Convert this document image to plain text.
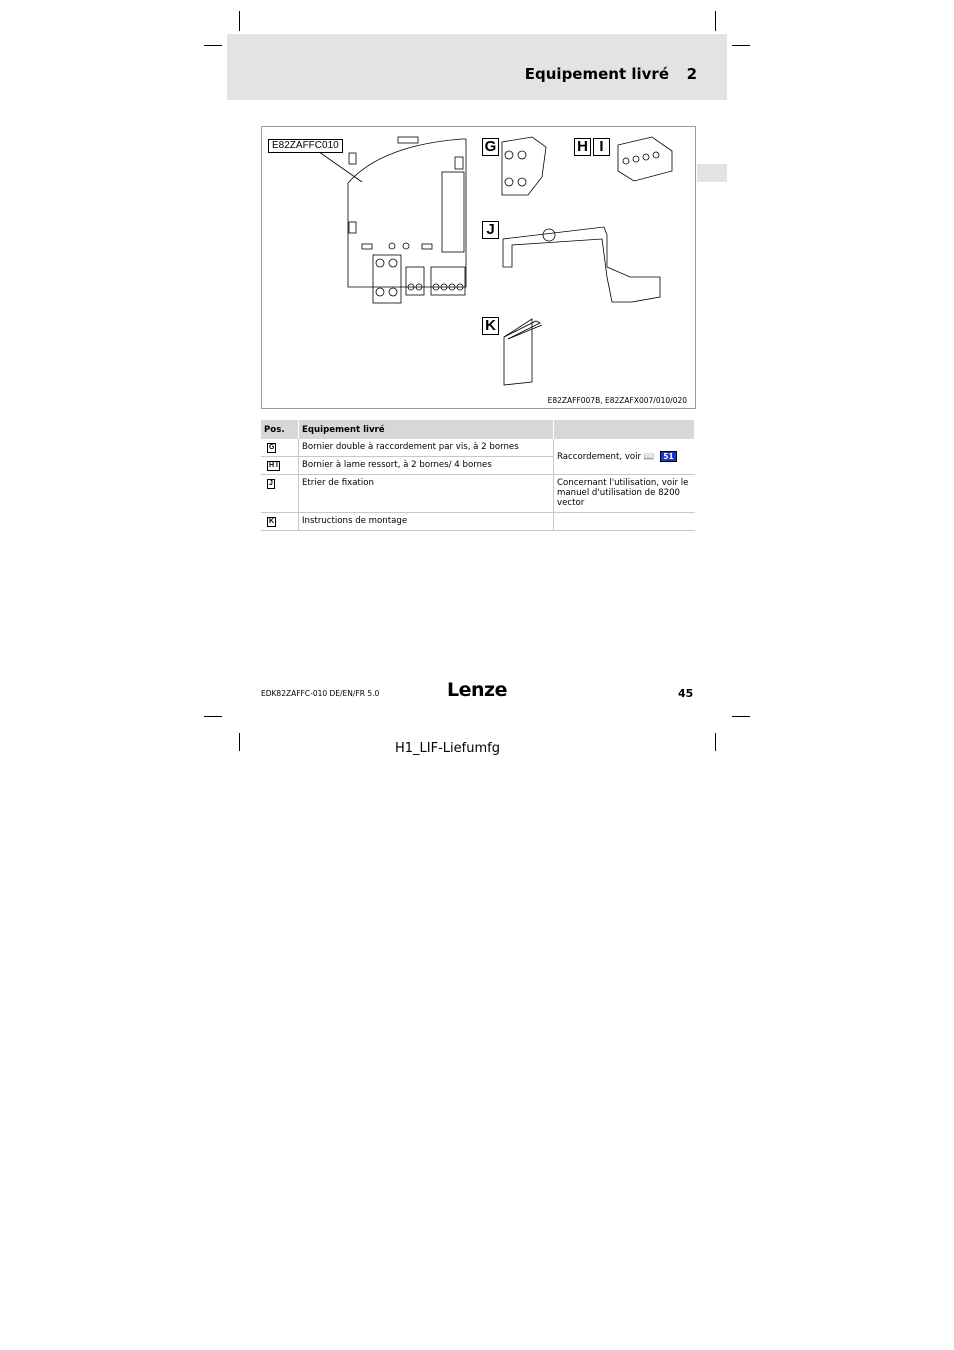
Equipement livré 2
E82ZAFFC010	G	H I
J
K
E82ZAFF007B, E82ZAFX007/010/020
Pos.	Equipement livré	
G	Bornier double à raccordement par vis, à 2 bornes	Raccordement, voir 📖 51
H I	Bornier à lame ressort, à 2 bornes/ 4 bornes	
J	Etrier de fixation	Concernant l'utilisation, voir le manuel d'utilisation de 8200 vector
K	Instructions de montage	
EDK82ZAFFC-010 DE/EN/FR 5.0	Lenze	45
H1_LIF-Liefumfg
